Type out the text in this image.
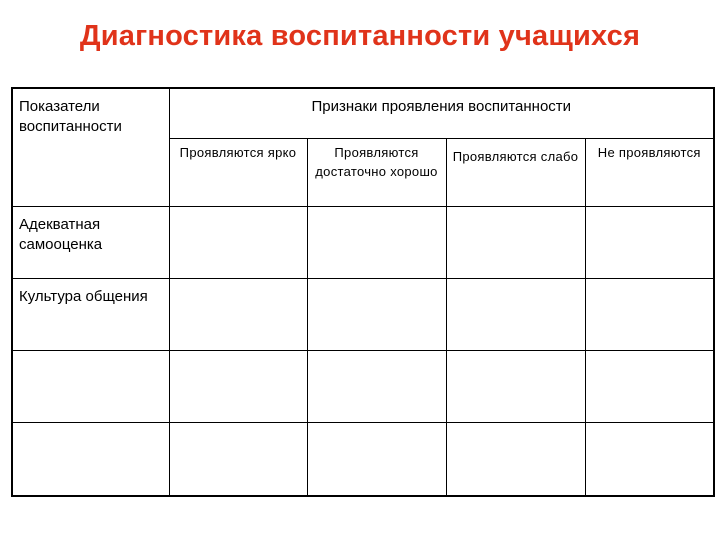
Диагностика воспитанности учащихся
Показатели воспитанности	Признаки проявления воспитанности			

	Проявляются ярко	Проявляются достаточно хорошо	Проявляются слабо	Не проявляются

Адекватная самооценка				

Культура общения				
